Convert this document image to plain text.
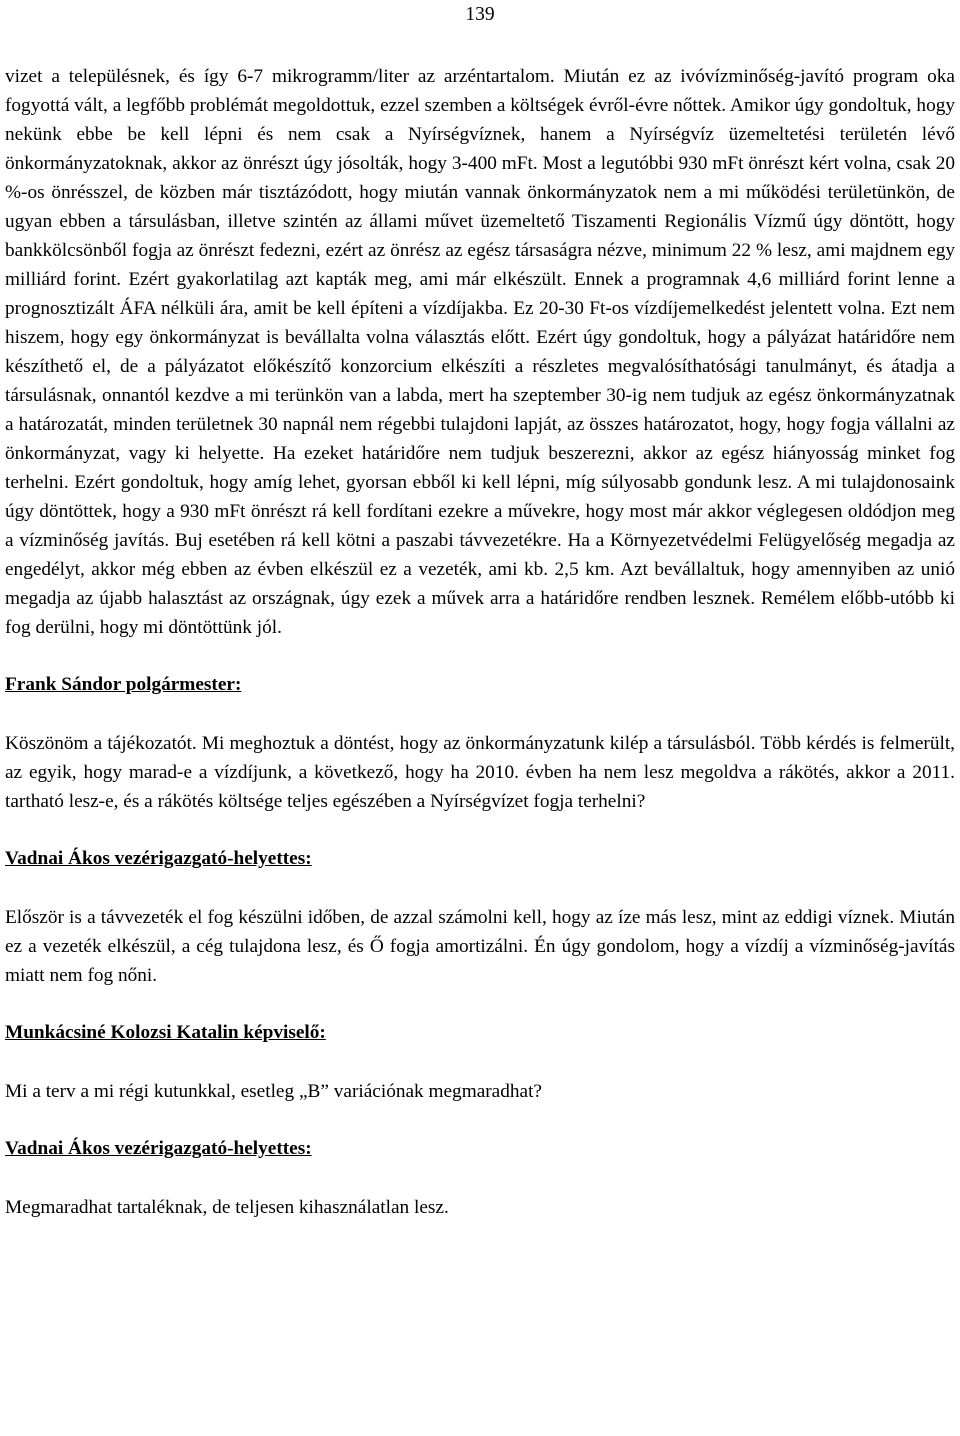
139

vizet a településnek, és így 6-7 mikrogramm/liter az arzéntartalom. Miután ez az ivóvízminőség-javító program oka fogyottá vált, a legfőbb problémát megoldottuk, ezzel szemben a költségek évről-évre nőttek. Amikor úgy gondoltuk, hogy nekünk ebbe be kell lépni és nem csak a Nyírségvíznek, hanem a Nyírségvíz üzemeltetési területén lévő önkormányzatoknak, akkor az önrészt úgy jósolták, hogy 3-400 mFt. Most a legutóbbi 930 mFt önrészt kért volna, csak 20 %-os önrésszel, de közben már tisztázódott, hogy miután vannak önkormányzatok nem a mi működési területünkön, de ugyan ebben a társulásban, illetve szintén az állami művet üzemeltető Tiszamenti Regionális Vízmű úgy döntött, hogy bankkölcsönből fogja az önrészt fedezni, ezért az önrész az egész társaságra nézve, minimum 22 % lesz, ami majdnem egy milliárd forint. Ezért gyakorlatilag azt kapták meg, ami már elkészült. Ennek a programnak 4,6 milliárd forint lenne a prognosztizált ÁFA nélküli ára, amit be kell építeni a vízdíjakba. Ez 20-30 Ft-os vízdíjemelkedést jelentett volna. Ezt nem hiszem, hogy egy önkormányzat is bevállalta volna választás előtt. Ezért úgy gondoltuk, hogy a pályázat határidőre nem készíthető el, de a pályázatot előkészítő konzorcium elkészíti a részletes megvalósíthatósági tanulmányt, és átadja a társulásnak, onnantól kezdve a mi terünkön van a labda, mert ha szeptember 30-ig nem tudjuk az egész önkormányzatnak a határozatát, minden területnek 30 napnál nem régebbi tulajdoni lapját, az összes határozatot, hogy, hogy fogja vállalni az önkormányzat, vagy ki helyette. Ha ezeket határidőre nem tudjuk beszerezni, akkor az egész hiányosság minket fog terhelni. Ezért gondoltuk, hogy amíg lehet, gyorsan ebből ki kell lépni, míg súlyosabb gondunk lesz. A mi tulajdonosaink úgy döntöttek, hogy a 930 mFt önrészt rá kell fordítani ezekre a művekre, hogy most már akkor véglegesen oldódjon meg a vízminőség javítás. Buj esetében rá kell kötni a paszabi távvezetékre. Ha a Környezetvédelmi Felügyelőség megadja az engedélyt, akkor még ebben az évben elkészül ez a vezeték, ami kb. 2,5 km. Azt bevállaltuk, hogy amennyiben az unió megadja az újabb halasztást az országnak, úgy ezek a művek arra a határidőre rendben lesznek. Remélem előbb-utóbb ki fog derülni, hogy mi döntöttünk jól.

Frank Sándor polgármester:

Köszönöm a tájékozatót. Mi meghoztuk a döntést, hogy az önkormányzatunk kilép a társulásból. Több kérdés is felmerült, az egyik, hogy marad-e a vízdíjunk, a következő, hogy ha 2010. évben ha nem lesz megoldva a rákötés, akkor a 2011. tartható lesz-e, és a rákötés költsége teljes egészében a Nyírségvízet fogja terhelni?

Vadnai Ákos vezérigazgató-helyettes:

Először is a távvezeték el fog készülni időben, de azzal számolni kell, hogy az íze más lesz, mint az eddigi víznek. Miután ez a vezeték elkészül, a cég tulajdona lesz, és Ő fogja amortizálni. Én úgy gondolom, hogy a vízdíj a vízminőség-javítás miatt nem fog nőni.

Munkácsiné Kolozsi Katalin képviselő:

Mi a terv a mi régi kutunkkal, esetleg „B” variációnak megmaradhat?

Vadnai Ákos vezérigazgató-helyettes:

Megmaradhat tartaléknak, de teljesen kihasználatlan lesz.
